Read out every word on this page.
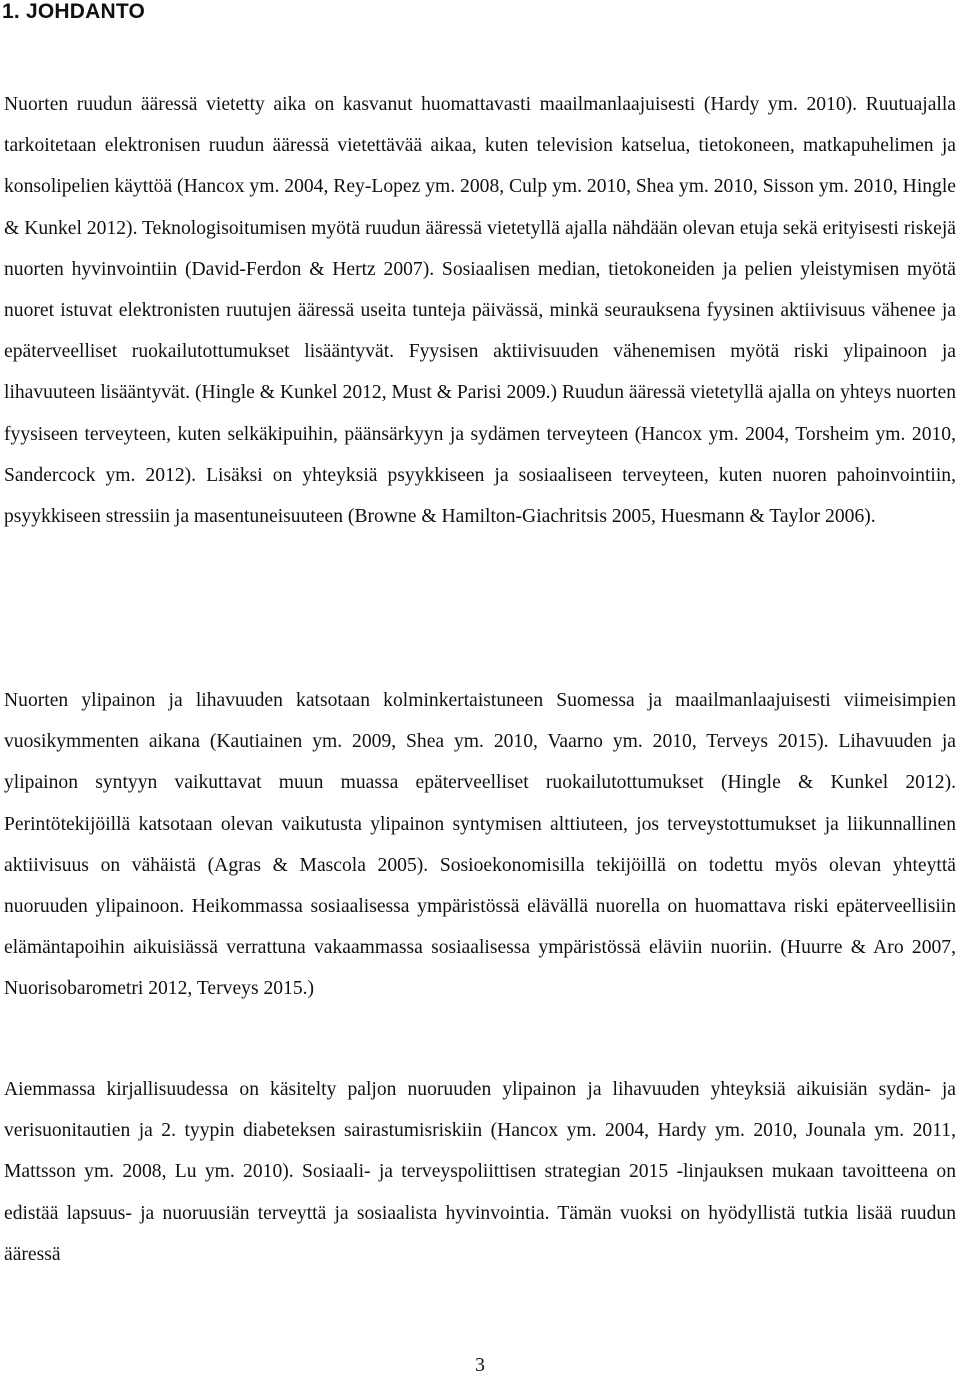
1. JOHDANTO

Nuorten ruudun ääressä vietetty aika on kasvanut huomattavasti maailmanlaajuisesti (Hardy ym. 2010). Ruutuajalla tarkoitetaan elektronisen ruudun ääressä vietettävää aikaa, kuten television katselua, tietokoneen, matkapuhelimen ja konsolipelien käyttöä (Hancox ym. 2004, Rey-Lopez ym. 2008, Culp ym. 2010, Shea ym. 2010, Sisson ym. 2010, Hingle & Kunkel 2012). Teknologisoitumisen myötä ruudun ääressä vietetyllä ajalla nähdään olevan etuja sekä erityisesti riskejä nuorten hyvinvointiin (David-Ferdon & Hertz 2007). Sosiaalisen median, tietokoneiden ja pelien yleistymisen myötä nuoret istuvat elektronisten ruutujen ääressä useita tunteja päivässä, minkä seurauksena fyysinen aktiivisuus vähenee ja epäterveelliset ruokailutottumukset lisääntyvät. Fyysisen aktiivisuuden vähenemisen myötä riski ylipainoon ja lihavuuteen lisääntyvät. (Hingle & Kunkel 2012, Must & Parisi 2009.) Ruudun ääressä vietetyllä ajalla on yhteys nuorten fyysiseen terveyteen, kuten selkäkipuihin, päänsärkyyn ja sydämen terveyteen (Hancox ym. 2004, Torsheim ym. 2010, Sandercock ym. 2012). Lisäksi on yhteyksiä psyykkiseen ja sosiaaliseen terveyteen, kuten nuoren pahoinvointiin, psyykkiseen stressiin ja masentuneisuuteen (Browne & Hamilton-Giachritsis 2005, Huesmann & Taylor 2006).

Nuorten ylipainon ja lihavuuden katsotaan kolminkertaistuneen Suomessa ja maailmanlaajuisesti viimeisimpien vuosikymmenten aikana (Kautiainen ym. 2009, Shea ym. 2010, Vaarno ym. 2010, Terveys 2015). Lihavuuden ja ylipainon syntyyn vaikuttavat muun muassa epäterveelliset ruokailutottumukset (Hingle & Kunkel 2012). Perintötekijöillä katsotaan olevan vaikutusta ylipainon syntymisen alttiuteen, jos terveystottumukset ja liikunnallinen aktiivisuus on vähäistä (Agras & Mascola 2005). Sosioekonomisilla tekijöillä on todettu myös olevan yhteyttä nuoruuden ylipainoon. Heikommassa sosiaalisessa ympäristössä elävällä nuorella on huomattava riski epäterveellisiin elämäntapoihin aikuisiässä verrattuna vakaammassa sosiaalisessa ympäristössä eläviin nuoriin. (Huurre & Aro 2007, Nuorisobarometri 2012, Terveys 2015.)

Aiemmassa kirjallisuudessa on käsitelty paljon nuoruuden ylipainon ja lihavuuden yhteyksiä aikuisiän sydän- ja verisuonitautien ja 2. tyypin diabeteksen sairastumisriskiin (Hancox ym. 2004, Hardy ym. 2010, Jounala ym. 2011, Mattsson ym. 2008, Lu ym. 2010). Sosiaali- ja terveyspoliittisen strategian 2015 -linjauksen mukaan tavoitteena on edistää lapsuus- ja nuoruusiän terveyttä ja sosiaalista hyvinvointia. Tämän vuoksi on hyödyllistä tutkia lisää ruudun ääressä

3
